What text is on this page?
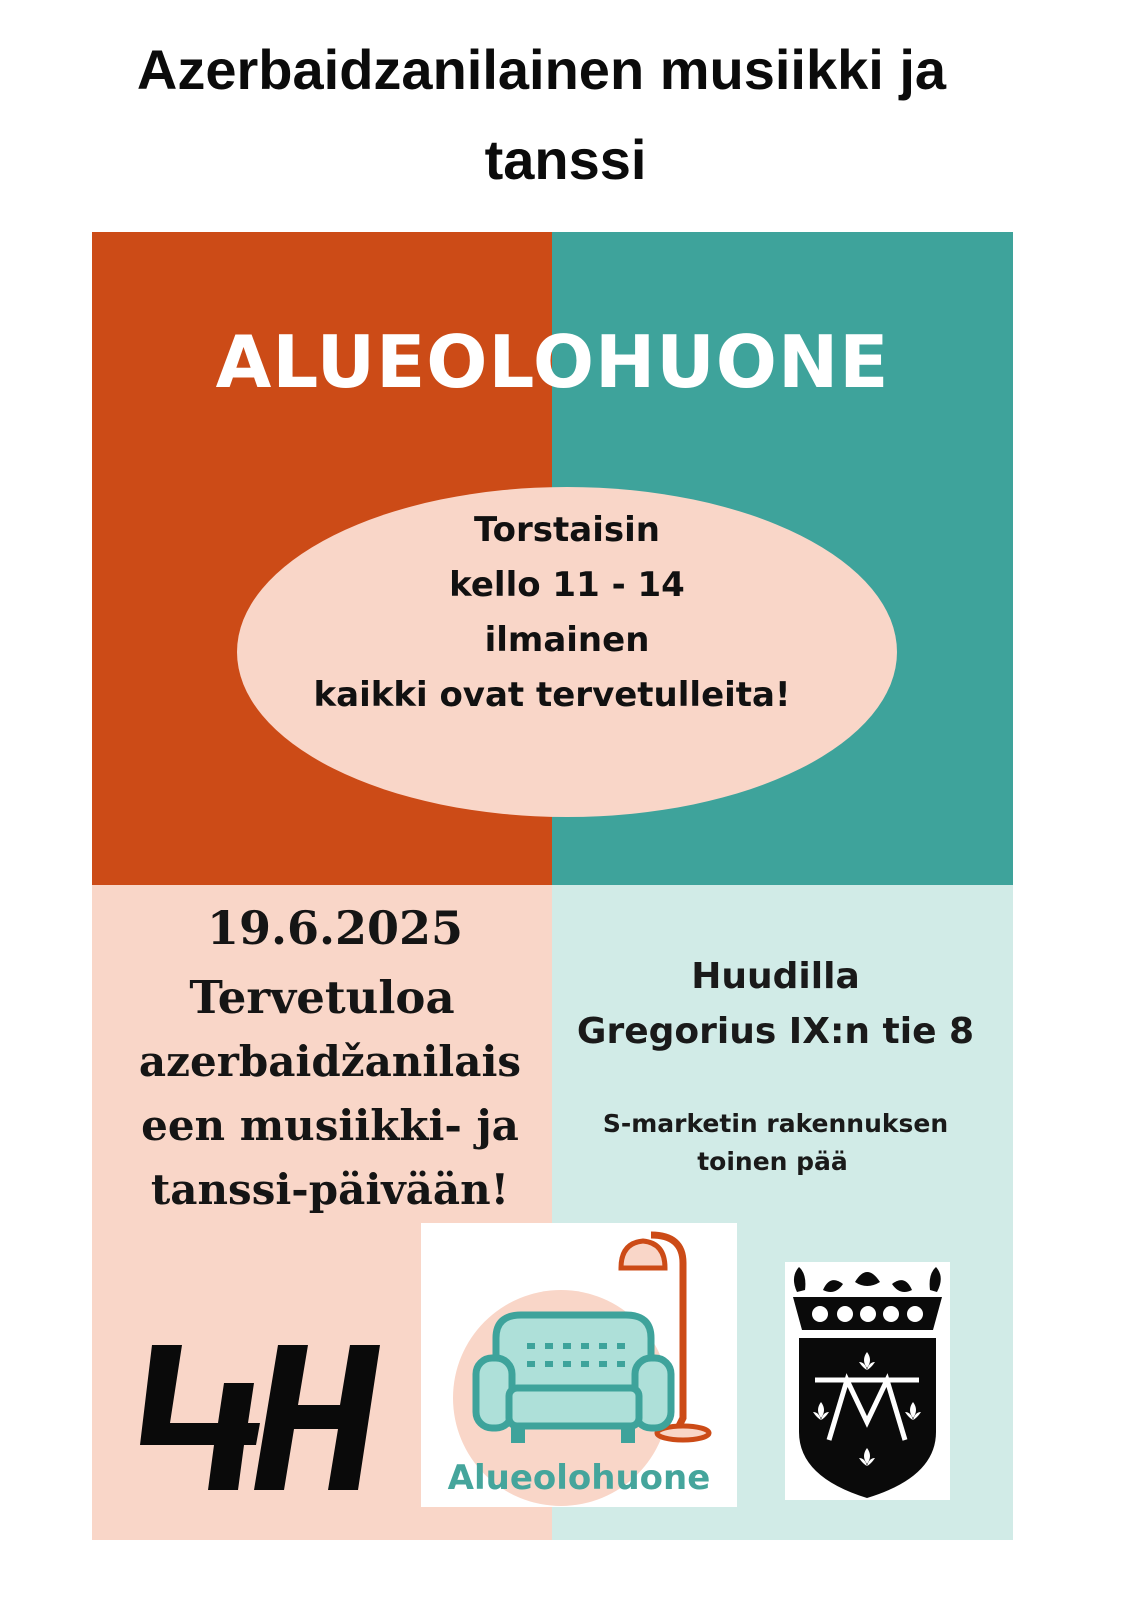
Azerbaidzanilainen musiikki ja
tanssi
ALUEOLOHUONE
Torstaisin
kello 11 - 14
ilmainen
kaikki ovat tervetulleita!
19.6.2025
Tervetuloa
azerbaidžanilais
een musiikki- ja
tanssi-päivään!
Huudilla
Gregorius IX:n tie 8
S-marketin rakennuksen
toinen pää
Alueolohuone
